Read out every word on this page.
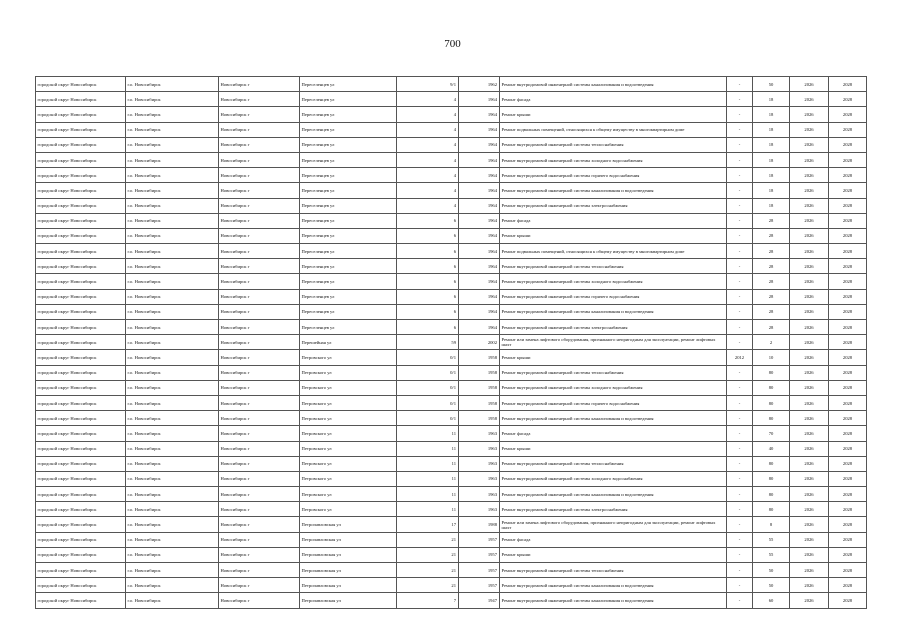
700
городской округ Новосибирск	г.о. Новосибирск	Новосибирск г	Переселенцев ул	9/1	1962	Ремонт внутридомовой инженерной системы канализования и водоотведения	-	50	2026	2028
городской округ Новосибирск	г.о. Новосибирск	Новосибирск г	Переселенцев ул	4	1964	Ремонт фасада	-	18	2026	2028
городской округ Новосибирск	г.о. Новосибирск	Новосибирск г	Переселенцев ул	4	1964	Ремонт крыши	-	18	2026	2028
городской округ Новосибирск	г.о. Новосибирск	Новосибирск г	Переселенцев ул	4	1964	Ремонт подвальных помещений, относящихся к общему имуществу в многоквартирном доме	-	18	2026	2028
городской округ Новосибирск	г.о. Новосибирск	Новосибирск г	Переселенцев ул	4	1964	Ремонт внутридомовой инженерной системы теплоснабжения	-	18	2026	2028
городской округ Новосибирск	г.о. Новосибирск	Новосибирск г	Переселенцев ул	4	1964	Ремонт внутридомовой инженерной системы холодного водоснабжения	-	18	2026	2028
городской округ Новосибирск	г.о. Новосибирск	Новосибирск г	Переселенцев ул	4	1964	Ремонт внутридомовой инженерной системы горячего водоснабжения	-	18	2026	2028
городской округ Новосибирск	г.о. Новосибирск	Новосибирск г	Переселенцев ул	4	1964	Ремонт внутридомовой инженерной системы канализования и водоотведения	-	18	2026	2028
городской округ Новосибирск	г.о. Новосибирск	Новосибирск г	Переселенцев ул	4	1964	Ремонт внутридомовой инженерной системы электроснабжения	-	18	2026	2028
городской округ Новосибирск	г.о. Новосибирск	Новосибирск г	Переселенцев ул	6	1964	Ремонт фасада	-	28	2026	2028
городской округ Новосибирск	г.о. Новосибирск	Новосибирск г	Переселенцев ул	6	1964	Ремонт крыши	-	28	2026	2028
городской округ Новосибирск	г.о. Новосибирск	Новосибирск г	Переселенцев ул	6	1964	Ремонт подвальных помещений, относящихся к общему имуществу в многоквартирном доме	-	28	2026	2028
городской округ Новосибирск	г.о. Новосибирск	Новосибирск г	Переселенцев ул	6	1964	Ремонт внутридомовой инженерной системы теплоснабжения	-	28	2026	2028
городской округ Новосибирск	г.о. Новосибирск	Новосибирск г	Переселенцев ул	6	1964	Ремонт внутридомовой инженерной системы холодного водоснабжения	-	28	2026	2028
городской округ Новосибирск	г.о. Новосибирск	Новосибирск г	Переселенцев ул	6	1964	Ремонт внутридомовой инженерной системы горячего водоснабжения	-	28	2026	2028
городской округ Новосибирск	г.о. Новосибирск	Новосибирск г	Переселенцев ул	6	1964	Ремонт внутридомовой инженерной системы канализования и водоотведения	-	28	2026	2028
городской округ Новосибирск	г.о. Новосибирск	Новосибирск г	Переселенцев ул	6	1964	Ремонт внутридомовой инженерной системы электроснабжения	-	28	2026	2028
городской округ Новосибирск	г.о. Новосибирск	Новосибирск г	Перешейная ул	59	2002	Ремонт или замена лифтового оборудования, признанного непригодным для эксплуатации, ремонт лифтовых шахт	-	2	2026	2028
городской округ Новосибирск	г.о. Новосибирск	Новосибирск г	Петровского ул	0/1	1958	Ремонт крыши	2012	10	2026	2028
городской округ Новосибирск	г.о. Новосибирск	Новосибирск г	Петровского ул	0/1	1958	Ремонт внутридомовой инженерной системы теплоснабжения	-	80	2026	2028
городской округ Новосибирск	г.о. Новосибирск	Новосибирск г	Петровского ул	0/1	1958	Ремонт внутридомовой инженерной системы холодного водоснабжения	-	80	2026	2028
городской округ Новосибирск	г.о. Новосибирск	Новосибирск г	Петровского ул	0/1	1958	Ремонт внутридомовой инженерной системы горячего водоснабжения	-	80	2026	2028
городской округ Новосибирск	г.о. Новосибирск	Новосибирск г	Петровского ул	0/1	1958	Ремонт внутридомовой инженерной системы канализования и водоотведения	-	80	2026	2028
городской округ Новосибирск	г.о. Новосибирск	Новосибирск г	Петровского ул	11	1963	Ремонт фасада	-	70	2026	2028
городской округ Новосибирск	г.о. Новосибирск	Новосибирск г	Петровского ул	11	1963	Ремонт крыши	-	40	2026	2028
городской округ Новосибирск	г.о. Новосибирск	Новосибирск г	Петровского ул	11	1963	Ремонт внутридомовой инженерной системы теплоснабжения	-	80	2026	2028
городской округ Новосибирск	г.о. Новосибирск	Новосибирск г	Петровского ул	11	1963	Ремонт внутридомовой инженерной системы холодного водоснабжения	-	80	2026	2028
городской округ Новосибирск	г.о. Новосибирск	Новосибирск г	Петровского ул	11	1963	Ремонт внутридомовой инженерной системы канализования и водоотведения	-	80	2026	2028
городской округ Новосибирск	г.о. Новосибирск	Новосибирск г	Петровского ул	11	1963	Ремонт внутридомовой инженерной системы электроснабжения	-	80	2026	2028
городской округ Новосибирск	г.о. Новосибирск	Новосибирск г	Петропавловская ул	17	1988	Ремонт или замена лифтового оборудования, признанного непригодным для эксплуатации, ремонт лифтовых шахт	-	8	2026	2028
городской округ Новосибирск	г.о. Новосибирск	Новосибирск г	Петропавловская ул	21	1957	Ремонт фасада	-	55	2026	2028
городской округ Новосибирск	г.о. Новосибирск	Новосибирск г	Петропавловская ул	21	1957	Ремонт крыши	-	55	2026	2028
городской округ Новосибирск	г.о. Новосибирск	Новосибирск г	Петропавловская ул	21	1957	Ремонт внутридомовой инженерной системы теплоснабжения	-	50	2026	2028
городской округ Новосибирск	г.о. Новосибирск	Новосибирск г	Петропавловская ул	21	1957	Ремонт внутридомовой инженерной системы канализования и водоотведения	-	50	2026	2028
городской округ Новосибирск	г.о. Новосибирск	Новосибирск г	Петропавловская ул	7	1947	Ремонт внутридомовой инженерной системы канализования и водоотведения	-	60	2026	2028
